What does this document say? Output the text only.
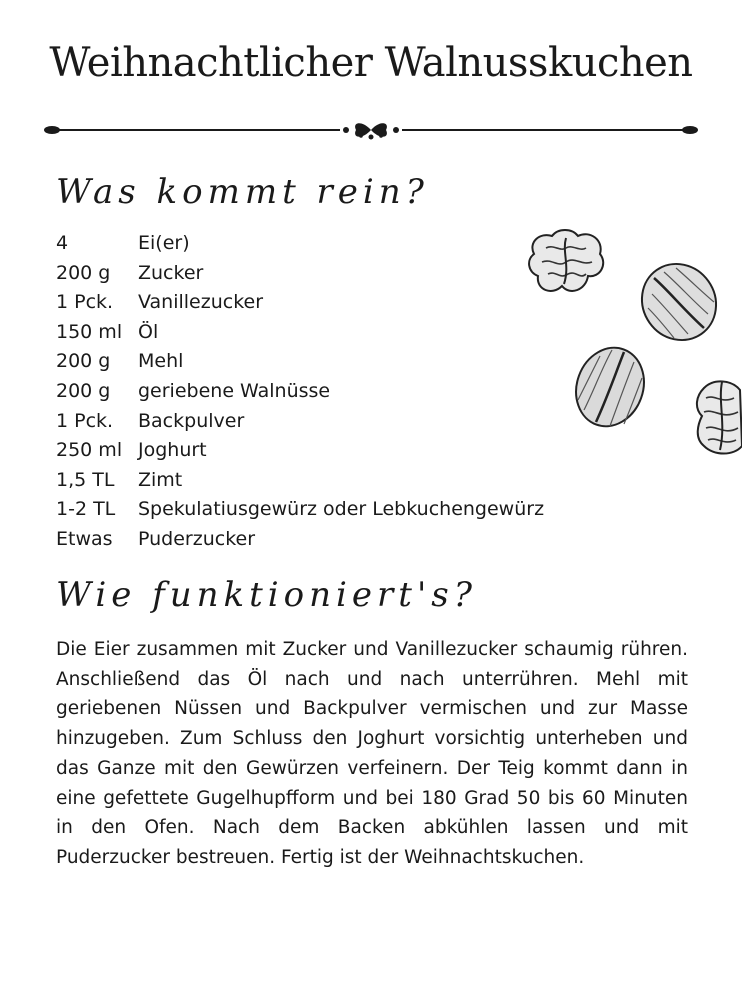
Weihnachtlicher Walnusskuchen
Was kommt rein?
4	Ei(er)
200 g	Zucker
1 Pck.	Vanillezucker
150 ml Öl
200 g	Mehl
200 g	geriebene Walnüsse
1 Pck.	Backpulver
250 ml Joghurt
1,5 TL	Zimt
1-2 TL	Spekulatiusgewürz oder Lebkuchengewürz
Etwas	Puderzucker
Wie funktioniert's?

Die Eier zusammen mit Zucker und Vanillezucker schaumig rühren. Anschließend das Öl nach und nach unterrühren. Mehl mit geriebenen Nüssen und Backpulver vermischen und zur Masse hinzugeben. Zum Schluss den Joghurt vorsichtig unterheben und das Ganze mit den Gewürzen verfeinern. Der Teig kommt dann in eine gefettete Gugelhupfform und bei 180 Grad 50 bis 60 Minuten in den Ofen. Nach dem Backen abkühlen lassen und mit Puderzucker bestreuen. Fertig ist der Weihnachtskuchen.
